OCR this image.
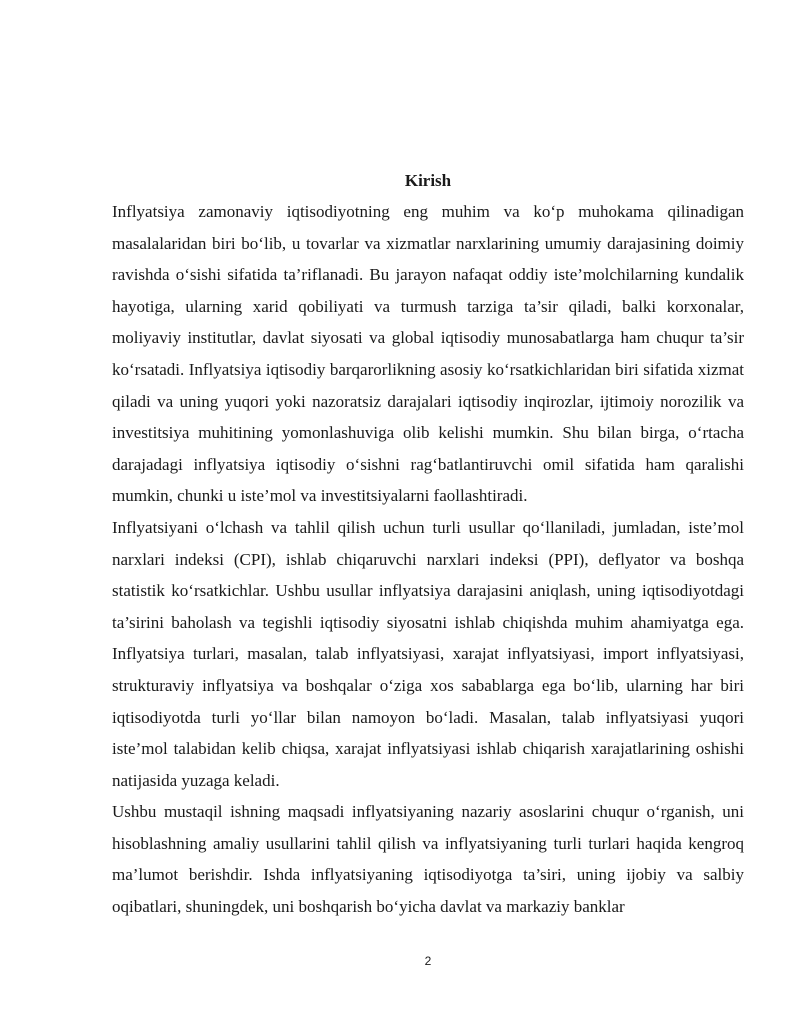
Kirish

Inflyatsiya zamonaviy iqtisodiyotning eng muhim va ko‘p muhokama qilinadigan masalalaridan biri bo‘lib, u tovarlar va xizmatlar narxlarining umumiy darajasining doimiy ravishda o‘sishi sifatida ta’riflanadi. Bu jarayon nafaqat oddiy iste’molchilarning kundalik hayotiga, ularning xarid qobiliyati va turmush tarziga ta’sir qiladi, balki korxonalar, moliyaviy institutlar, davlat siyosati va global iqtisodiy munosabatlarga ham chuqur ta’sir ko‘rsatadi. Inflyatsiya iqtisodiy barqarorlikning asosiy ko‘rsatkichlaridan biri sifatida xizmat qiladi va uning yuqori yoki nazoratsiz darajalari iqtisodiy inqirozlar, ijtimoiy norozilik va investitsiya muhitining yomonlashuviga olib kelishi mumkin. Shu bilan birga, o‘rtacha darajadagi inflyatsiya iqtisodiy o‘sishni rag‘batlantiruvchi omil sifatida ham qaralishi mumkin, chunki u iste’mol va investitsiyalarni faollashtiradi.

Inflyatsiyani o‘lchash va tahlil qilish uchun turli usullar qo‘llaniladi, jumladan, iste’mol narxlari indeksi (CPI), ishlab chiqaruvchi narxlari indeksi (PPI), deflyator va boshqa statistik ko‘rsatkichlar. Ushbu usullar inflyatsiya darajasini aniqlash, uning iqtisodiyotdagi ta’sirini baholash va tegishli iqtisodiy siyosatni ishlab chiqishda muhim ahamiyatga ega. Inflyatsiya turlari, masalan, talab inflyatsiyasi, xarajat inflyatsiyasi, import inflyatsiyasi, strukturaviy inflyatsiya va boshqalar o‘ziga xos sabablarga ega bo‘lib, ularning har biri iqtisodiyotda turli yo‘llar bilan namoyon bo‘ladi. Masalan, talab inflyatsiyasi yuqori iste’mol talabidan kelib chiqsa, xarajat inflyatsiyasi ishlab chiqarish xarajatlarining oshishi natijasida yuzaga keladi.

Ushbu mustaqil ishning maqsadi inflyatsiyaning nazariy asoslarini chuqur o‘rganish, uni hisoblashning amaliy usullarini tahlil qilish va inflyatsiyaning turli turlari haqida kengroq ma’lumot berishdir. Ishda inflyatsiyaning iqtisodiyotga ta’siri, uning ijobiy va salbiy oqibatlari, shuningdek, uni boshqarish bo‘yicha davlat va markaziy banklar

2
